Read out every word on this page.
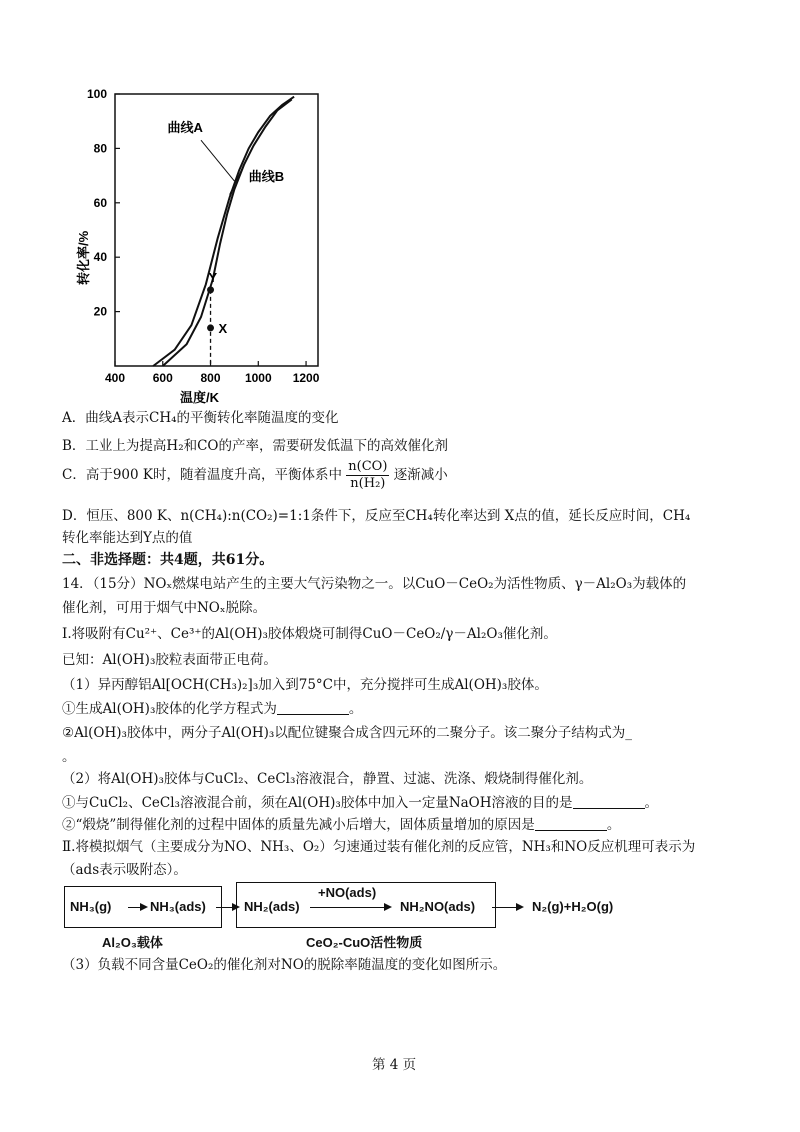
400 600 800 1000 1200
20
40
60
80
100
曲线A
曲线B
Y
X
转化率/%
温度/K
A．曲线A表示CH₄的平衡转化率随温度的变化
B．工业上为提高H₂和CO的产率，需要研发低温下的高效催化剂
C．高于900 K时，随着温度升高，平衡体系中 $\frac{n(CO)}{\text{n(H₂)}}$ 逐渐减小
D．恒压、800 K、n(CH₄):n(CO₂)=1:1条件下，反应至CH₄转化率达到 X点的值，延长反应时间，CH₄
转化率能达到Y点的值
二、非选择题：共4题，共61分。
14．（15分）NOₓ燃煤电站产生的主要大气污染物之一。以CuO－CeO₂为活性物质、γ－Al₂O₃为载体的
催化剂，可用于烟气中NOₓ脱除。
Ⅰ.将吸附有Cu²⁺、Ce³⁺的Al(OH)₃胶体煅烧可制得CuO－CeO₂/γ－Al₂O₃催化剂。
已知：Al(OH)₃胶粒表面带正电荷。
（1）异丙醇铝Al[OCH(CH₃)₂]₃加入到75°C中，充分搅拌可生成Al(OH)₃胶体。
①生成Al(OH)₃胶体的化学方程式为	。
②Al(OH)₃胶体中，两分子Al(OH)₃以配位键聚合成含四元环的二聚分子。该二聚分子结构式为_
。
（2）将Al(OH)₃胶体与CuCl₂、CeCl₃溶液混合，静置、过滤、洗涤、煅烧制得催化剂。
①与CuCl₂、CeCl₃溶液混合前，须在Al(OH)₃胶体中加入一定量NaOH溶液的目的是	。
②“煅烧”制得催化剂的过程中固体的质量先减小后增大，固体质量增加的原因是	。
Ⅱ.将模拟烟气（主要成分为NO、NH₃、O₂）匀速通过装有催化剂的反应管，NH₃和NO反应机理可表示为
（ads表示吸附态）。
NH₃(g)	NH₃(ads)	NH₂(ads)
+NO(ads)
NH₂NO(ads)	N₂(g)+H₂O(g)
Al₂O₃载体	CeO₂-CuO活性物质
（3）负载不同含量CeO₂的催化剂对NO的脱除率随温度的变化如图所示。
第 4 页
